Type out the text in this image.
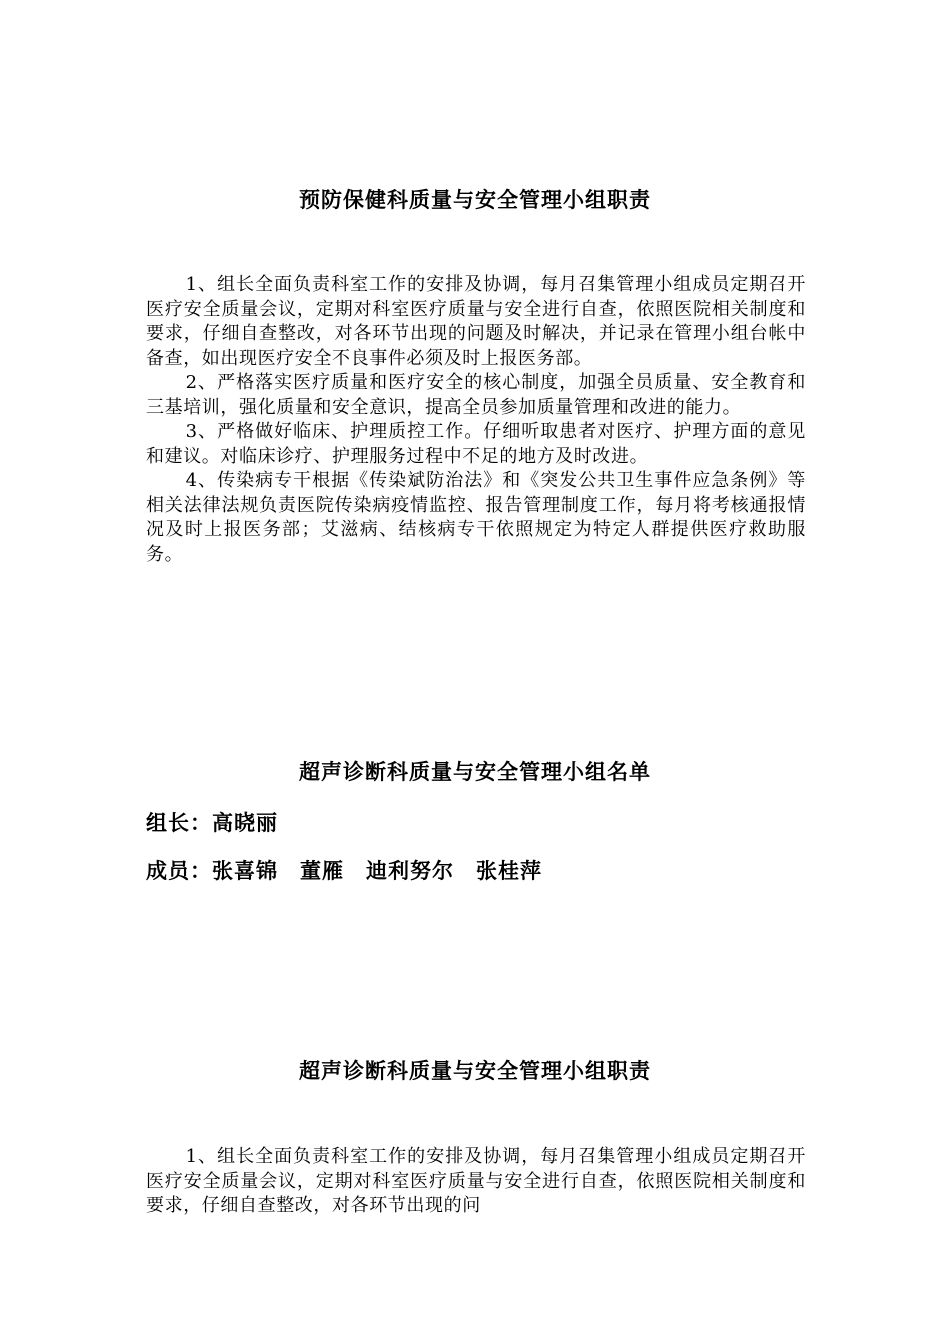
预防保健科质量与安全管理小组职责

1、组长全面负责科室工作的安排及协调，每月召集管理小组成员定期召开医疗安全质量会议，定期对科室医疗质量与安全进行自查，依照医院相关制度和要求，仔细自查整改，对各环节出现的问题及时解决，并记录在管理小组台帐中备查，如出现医疗安全不良事件必须及时上报医务部。

2、严格落实医疗质量和医疗安全的核心制度，加强全员质量、安全教育和三基培训，强化质量和安全意识，提高全员参加质量管理和改进的能力。

3、严格做好临床、护理质控工作。仔细听取患者对医疗、护理方面的意见和建议。对临床诊疗、护理服务过程中不足的地方及时改进。

4、传染病专干根据《传染斌防治法》和《突发公共卫生事件应急条例》等相关法律法规负责医院传染病疫情监控、报告管理制度工作，每月将考核通报情况及时上报医务部；艾滋病、结核病专干依照规定为特定人群提供医疗救助服务。

超声诊断科质量与安全管理小组名单
组长：高晓丽
成员：张喜锦　董雁　迪利努尔　张桂萍
超声诊断科质量与安全管理小组职责

1、组长全面负责科室工作的安排及协调，每月召集管理小组成员定期召开医疗安全质量会议，定期对科室医疗质量与安全进行自查，依照医院相关制度和要求，仔细自查整改，对各环节出现的问
